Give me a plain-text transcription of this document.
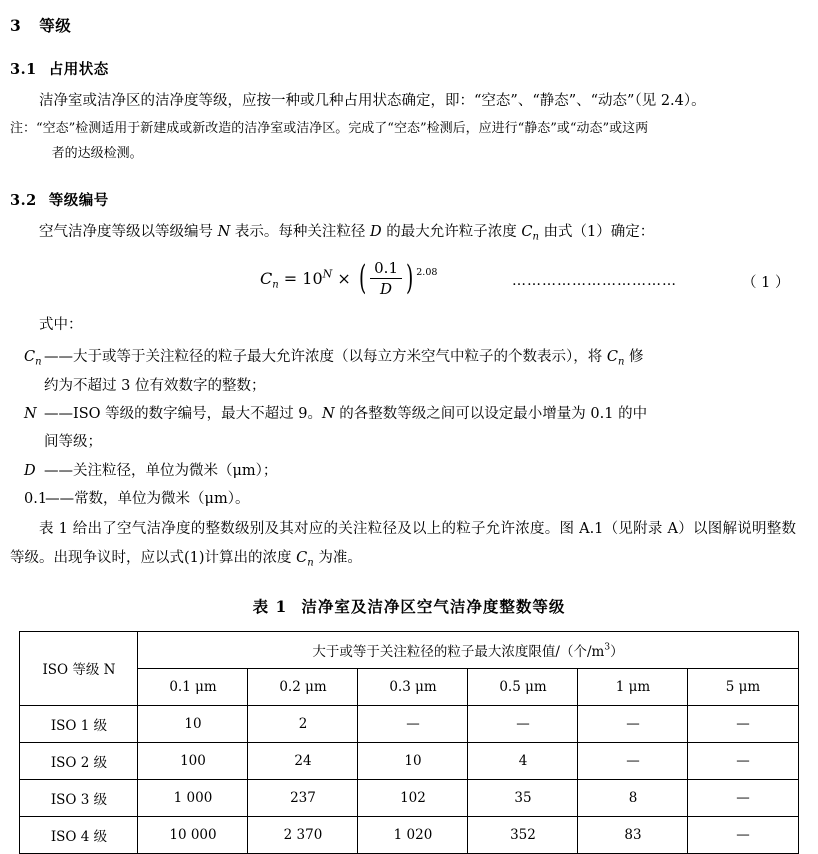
3 等级
3.1 占用状态
洁净室或洁净区的洁净度等级，应按一种或几种占用状态确定，即：“空态”、“静态”、“动态”（见 2.4）。
注：“空态”检测适用于新建成或新改造的洁净室或洁净区。完成了“空态”检测后，应进行“静态”或“动态”或这两
者的达级检测。
3.2 等级编号
空气洁净度等级以等级编号 N 表示。每种关注粒径 D 的最大允许粒子浓度 $C_n$ 由式（1）确定：
$C_n = 10^N$ × ( $\frac{0.1}{D}$ ) $^{2.08}$
……………………………	（ 1 ）
式中：
$C_n$ ——大于或等于关注粒径的粒子最大允许浓度（以每立方米空气中粒子的个数表示），将 $C_n$ 修
约为不超过 3 位有效数字的整数；
N ——ISO 等级的数字编号，最大不超过 9。N 的各整数等级之间可以设定最小增量为 0.1 的中
间等级；
D ——关注粒径，单位为微米（μm）；
0.1
——常数，单位为微米（μm）。
表 1 给出了空气洁净度的整数级别及其对应的关注粒径及以上的粒子允许浓度。图 A.1（见附录 A）以图解说明整数等级。出现争议时，应以式(1)计算出的浓度 $C_n$ 为准。
表 1 洁净室及洁净区空气洁净度整数等级
ISO 等级 N	大于或等于关注粒径的粒子最大浓度限值/（个$/m^3$）					
	0.1 μm	0.2 μm	0.3 μm	0.5 μm	1 μm	5 μm
ISO 1 级	10	2	—	—	—	—
ISO 2 级	100	24	10	4	—	—
ISO 3 级	1 000	237	102	35	8	—
ISO 4 级	10 000	2 370	1 020	352	83	—
